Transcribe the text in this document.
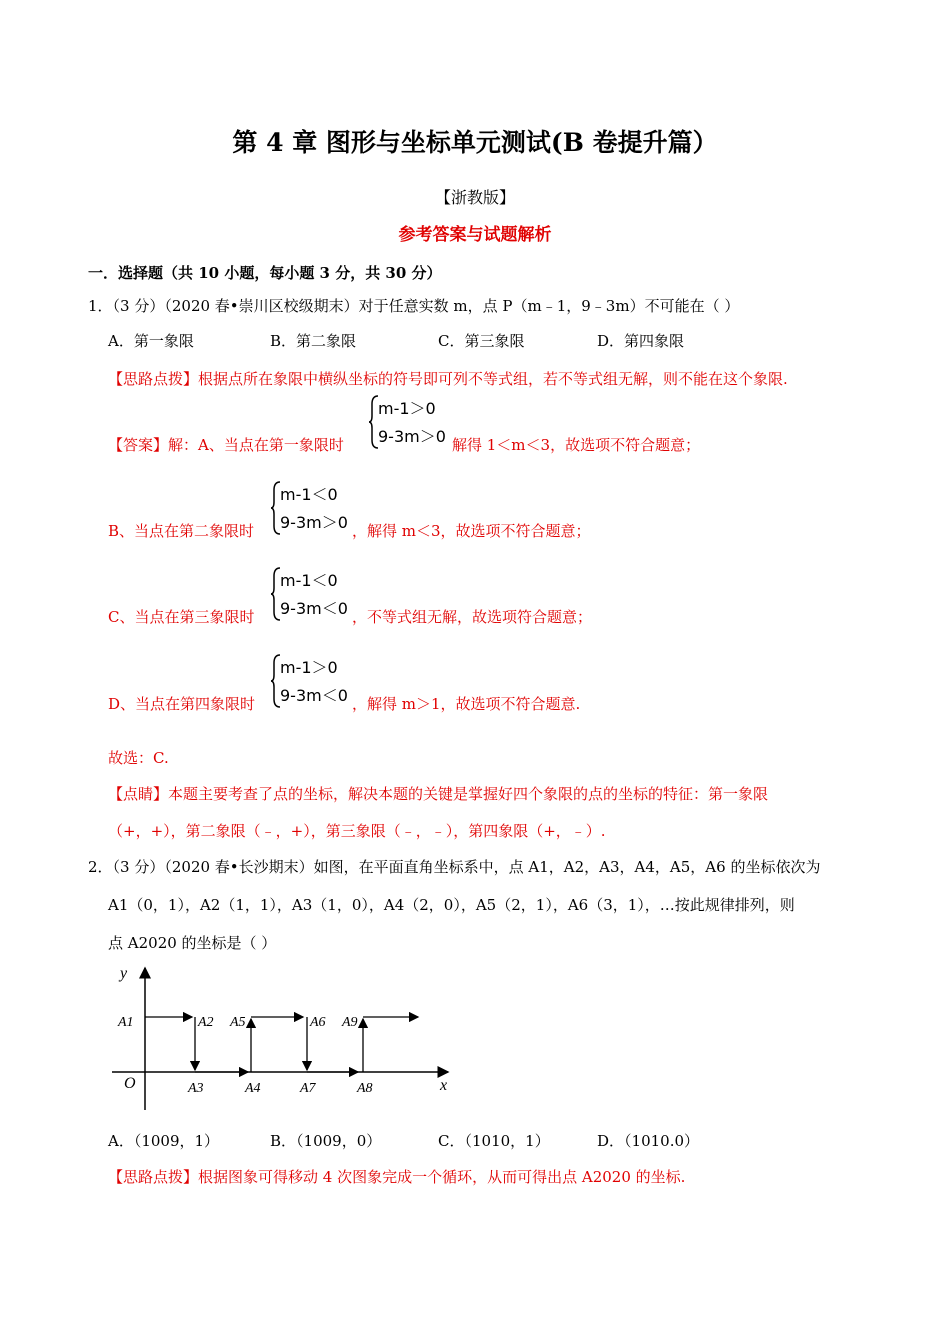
第 4 章 图形与坐标单元测试(B 卷提升篇）
【浙教版】
参考答案与试题解析
一．选择题（共 10 小题，每小题 3 分，共 30 分）
1．（3 分）（2020 春•崇川区校级期末）对于任意实数 m，点 P（m﹣1，9﹣3m）不可能在（ ）
A．第一象限	B．第二象限	C．第三象限	D．第四象限
【思路点拨】根据点所在象限中横纵坐标的符号即可列不等式组，若不等式组无解，则不能在这个象限.
【答案】解：A、当点在第一象限时
m-1＞0
9-3m＞0 解得 1＜m＜3，故选项不符合题意；
B、当点在第二象限时
m-1＜0
9-3m＞0 ，解得 m＜3，故选项不符合题意；
C、当点在第三象限时
m-1＜0
9-3m＜0 ，不等式组无解，故选项符合题意；
D、当点在第四象限时
m-1＞0
9-3m＜0 ，解得 m＞1，故选项不符合题意.
故选：C.
【点睛】本题主要考查了点的坐标，解决本题的关键是掌握好四个象限的点的坐标的特征：第一象限
（+，+），第二象限（﹣，+），第三象限（﹣，﹣），第四象限（+，﹣）.
2．（3 分）（2020 春•长沙期末）如图，在平面直角坐标系中，点 A1，A2，A3，A4，A5，A6 的坐标依次为
A1（0，1），A2（1，1），A3（1，0），A4（2，0），A5（2，1），A6（3，1），…按此规律排列，则
点 A2020 的坐标是（ ）
y
x
O
A1	A2
A3	A4
A5	A6
A7	A8
A9
A．（1009，1）	B．（1009，0）	C．（1010，1）	D．（1010.0）
【思路点拨】根据图象可得移动 4 次图象完成一个循环，从而可得出点 A2020 的坐标.
